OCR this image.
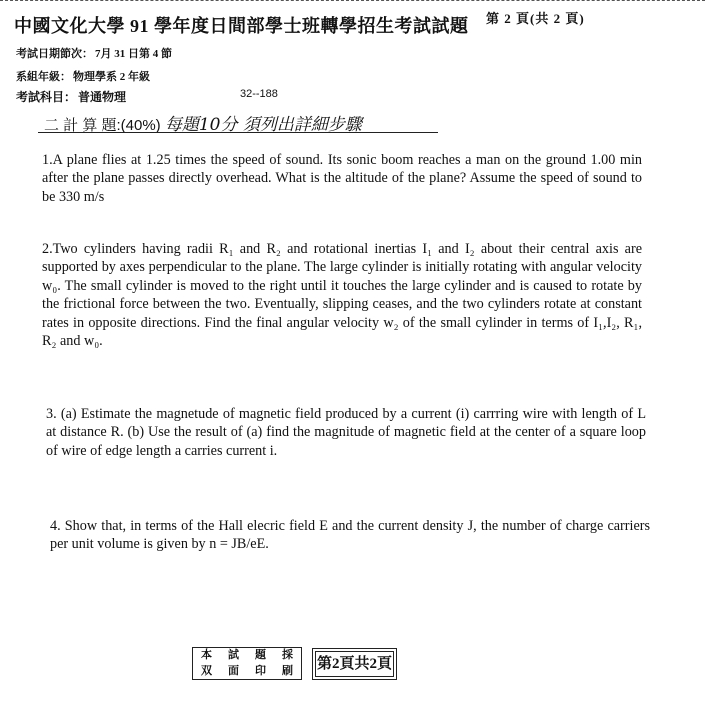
中國文化大學 91 學年度日間部學士班轉學招生考試試題 第 2 頁(共 2 頁)
考試日期節次： 7月 31 日第 4 節
系組年級： 物理學系 2 年級
考試科目： 普通物理	32--188
二 計 算 題:(40%) 每題10分 須列出詳細步驟

1.A plane flies at 1.25 times the speed of sound. Its sonic boom reaches a man on the ground 1.00 min after the plane passes directly overhead. What is the altitude of the plane? Assume the speed of sound to be 330 m/s

2.Two cylinders having radii R₁ and R₂ and rotational inertias I₁ and I₂ about their central axis are supported by axes perpendicular to the plane. The large cylinder is initially rotating with angular velocity w₀. The small cylinder is moved to the right until it touches the large cylinder and is caused to rotate by the frictional force between the two. Eventually, slipping ceases, and the two cylinders rotate at constant rates in opposite directions. Find the final angular velocity w₂ of the small cylinder in terms of I₁,I₂, R₁, R₂ and w₀.

3. (a) Estimate the magnetude of magnetic field produced by a current (i) carrring wire with length of L at distance R. (b) Use the result of (a) find the magnitude of magnetic field at the center of a square loop of wire of edge length a carries current i.

4. Show that, in terms of the Hall elecric field E and the current density J, the number of charge carriers per unit volume is given by n = JB/eE.

本	試	題	採
双	面	印	刷	第2頁共2頁
